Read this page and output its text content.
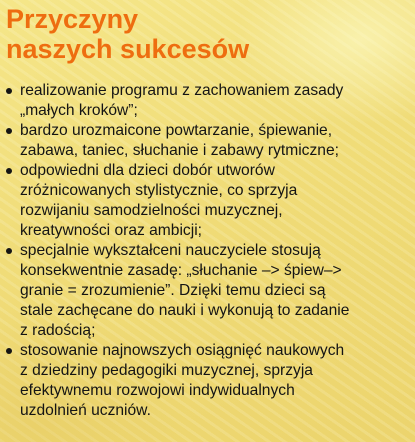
Przyczyny
naszych sukcesów
realizowanie programu z zachowaniem zasady
„małych kroków”;
bardzo urozmaicone powtarzanie, śpiewanie,
zabawa, taniec, słuchanie i zabawy rytmiczne;
odpowiedni dla dzieci dobór utworów
zróżnicowanych stylistycznie, co sprzyja
rozwijaniu samodzielności muzycznej,
kreatywności oraz ambicji;
specjalnie wykształceni nauczyciele stosują
konsekwentnie zasadę: „słuchanie –> śpiew–>
granie = zrozumienie”. Dzięki temu dzieci są
stale zachęcane do nauki i wykonują to zadanie
z radością;
stosowanie najnowszych osiągnięć naukowych
z dziedziny pedagogiki muzycznej, sprzyja
efektywnemu rozwojowi indywidualnych
uzdolnień uczniów.
